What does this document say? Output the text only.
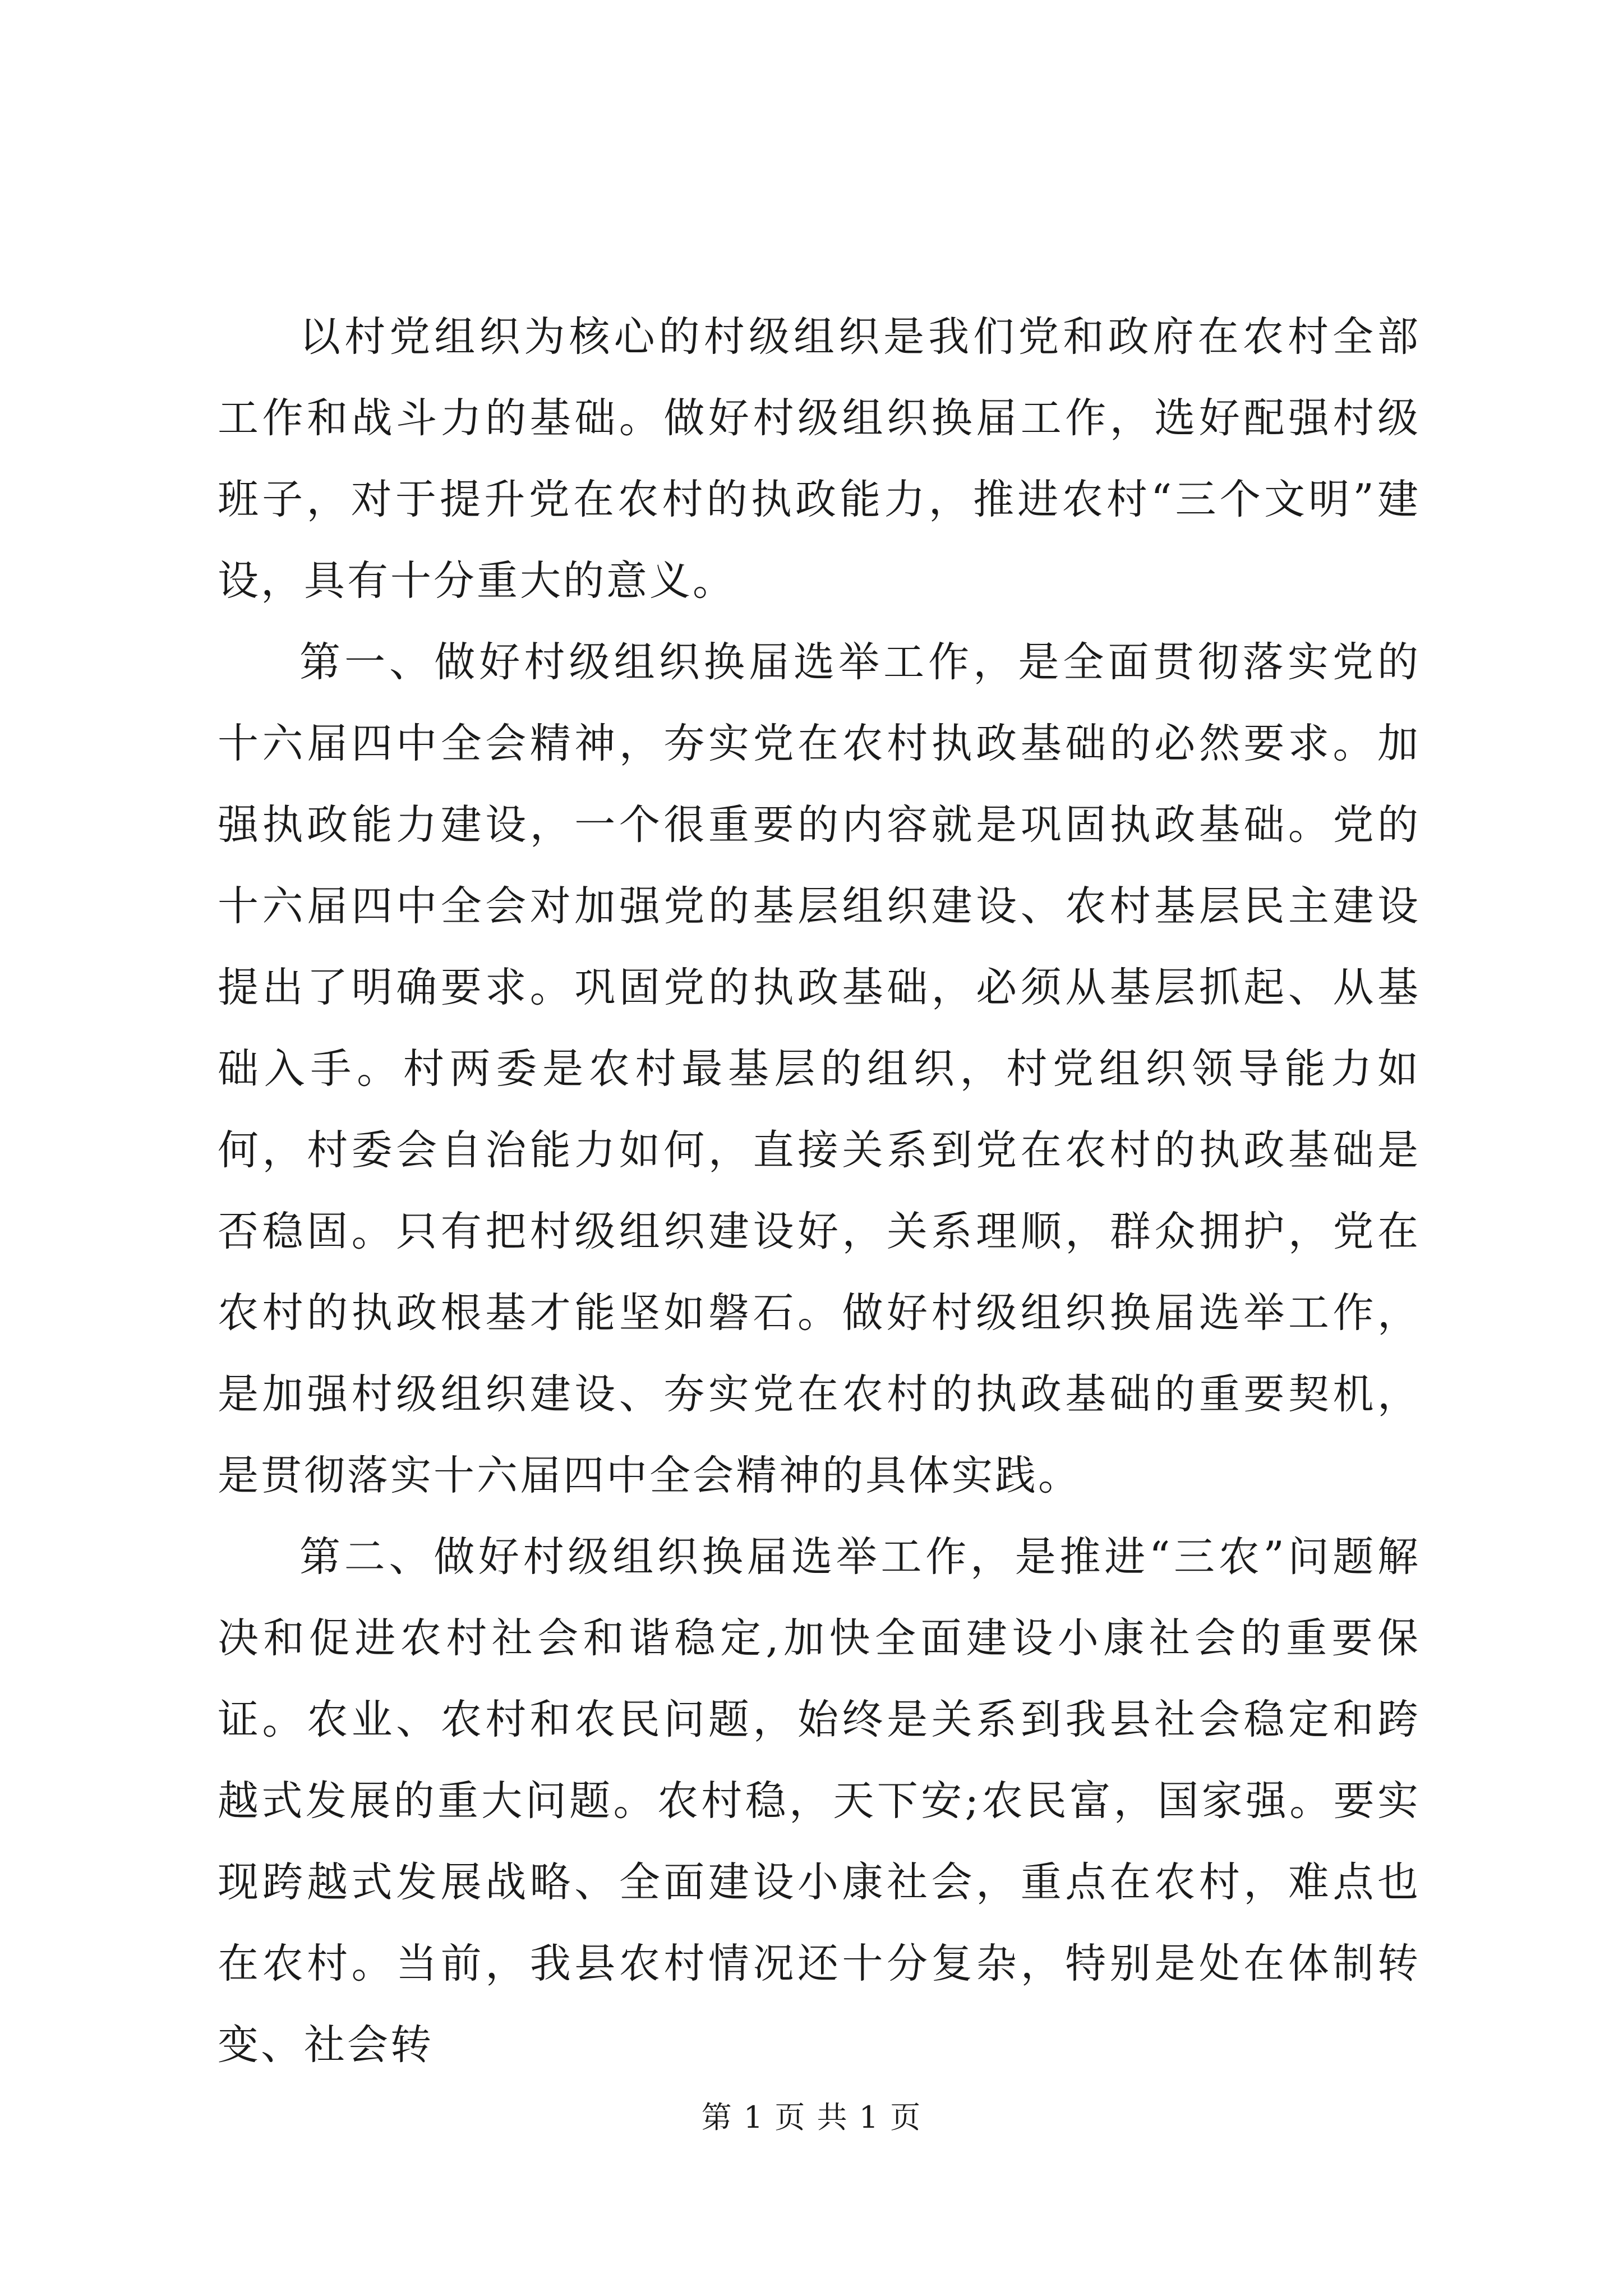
以村党组织为核心的村级组织是我们党和政府在农村全部工作和战斗力的基础。做好村级组织换届工作，选好配强村级班子，对于提升党在农村的执政能力，推进农村“三个文明”建设，具有十分重大的意义。

第一、做好村级组织换届选举工作，是全面贯彻落实党的十六届四中全会精神，夯实党在农村执政基础的必然要求。加强执政能力建设，一个很重要的内容就是巩固执政基础。党的十六届四中全会对加强党的基层组织建设、农村基层民主建设提出了明确要求。巩固党的执政基础，必须从基层抓起、从基础入手。村两委是农村最基层的组织，村党组织领导能力如何，村委会自治能力如何，直接关系到党在农村的执政基础是否稳固。只有把村级组织建设好，关系理顺，群众拥护，党在农村的执政根基才能坚如磐石。做好村级组织换届选举工作，是加强村级组织建设、夯实党在农村的执政基础的重要契机，是贯彻落实十六届四中全会精神的具体实践。

第二、做好村级组织换届选举工作，是推进“三农”问题解决和促进农村社会和谐稳定,加快全面建设小康社会的重要保证。农业、农村和农民问题，始终是关系到我县社会稳定和跨越式发展的重大问题。农村稳，天下安;农民富，国家强。要实现跨越式发展战略、全面建设小康社会，重点在农村，难点也在农村。当前，我县农村情况还十分复杂，特别是处在体制转变、社会转

第 1 页 共 1 页
